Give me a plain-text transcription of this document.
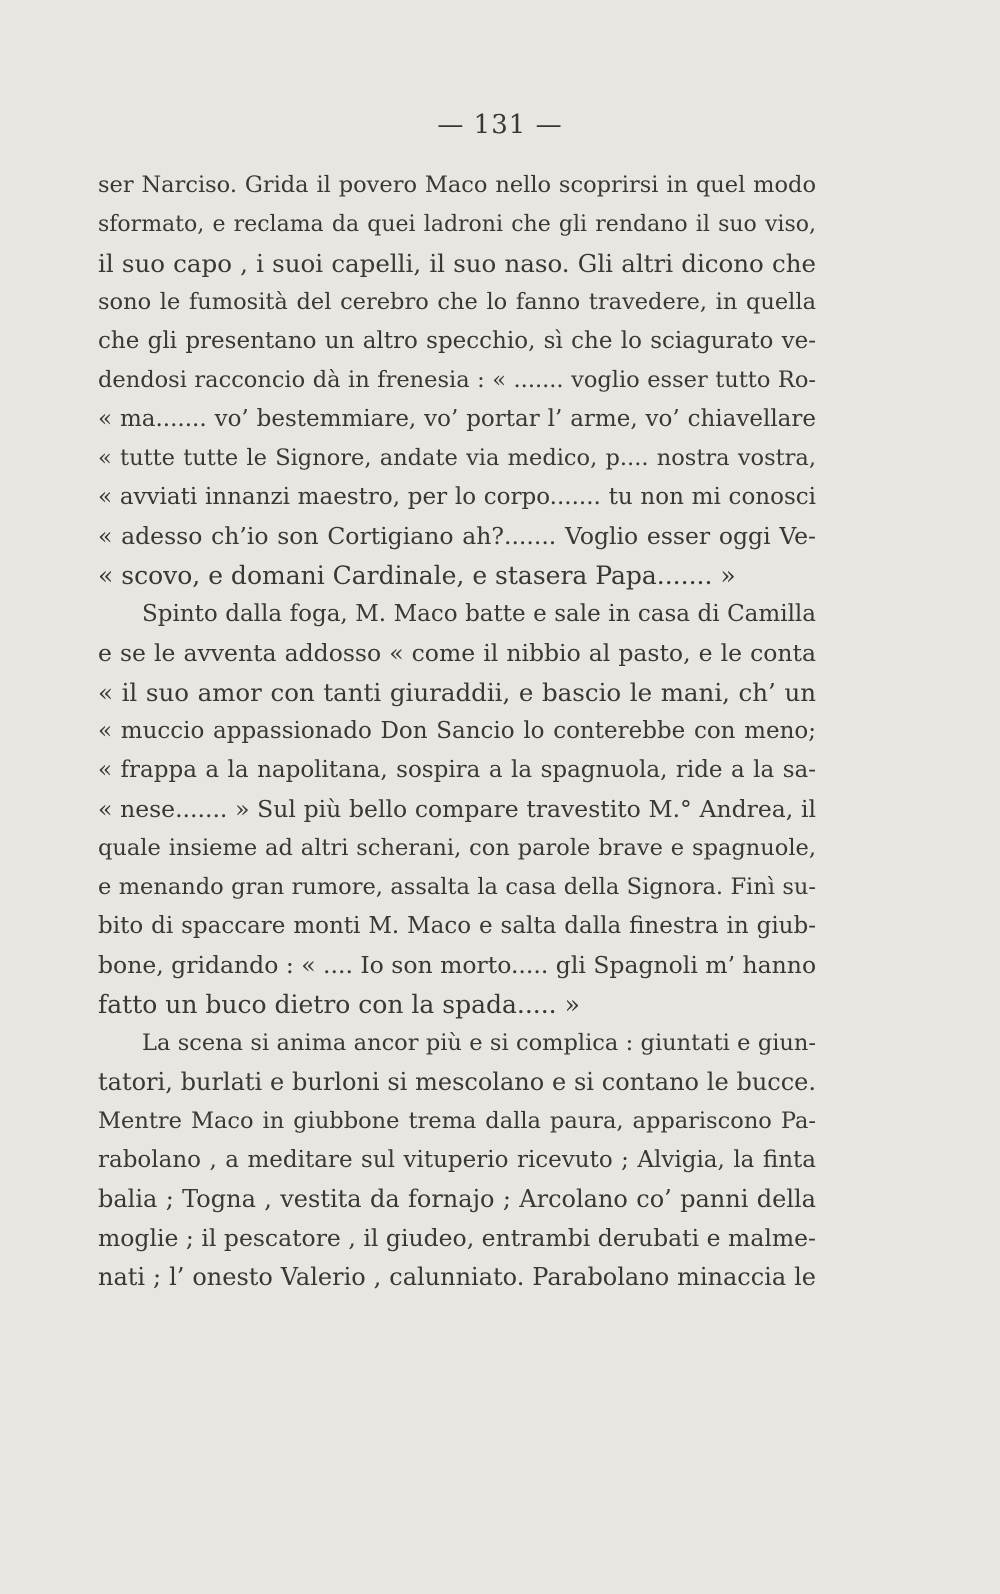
— 131 —
ser Narciso. Grida il povero Maco nello scoprirsi in quel modo
sformato, e reclama da quei ladroni che gli rendano il suo viso,
il suo capo , i suoi capelli, il suo naso. Gli altri dicono che
sono le fumosità del cerebro che lo fanno travedere, in quella
che gli presentano un altro specchio, sì che lo sciagurato ve-
dendosi racconcio dà in frenesia : « ....... voglio esser tutto Ro-
« ma....... vo’ bestemmiare, vo’ portar l’ arme, vo’ chiavellare
« tutte tutte le Signore, andate via medico, p.... nostra vostra,
« avviati innanzi maestro, per lo corpo....... tu non mi conosci
« adesso ch’io son Cortigiano ah?....... Voglio esser oggi Ve-
« scovo, e domani Cardinale, e stasera Papa....... »
Spinto dalla foga, M. Maco batte e sale in casa di Camilla
e se le avventa addosso « come il nibbio al pasto, e le conta
« il suo amor con tanti giuraddii, e bascio le mani, ch’ un
« muccio appassionado Don Sancio lo conterebbe con meno;
« frappa a la napolitana, sospira a la spagnuola, ride a la sa-
« nese....... » Sul più bello compare travestito M.° Andrea, il
quale insieme ad altri scherani, con parole brave e spagnuole,
e menando gran rumore, assalta la casa della Signora. Finì su-
bito di spaccare monti M. Maco e salta dalla finestra in giub-
bone, gridando : « .... Io son morto..... gli Spagnoli m’ hanno
fatto un buco dietro con la spada..... »
La scena si anima ancor più e si complica : giuntati e giun-
tatori, burlati e burloni si mescolano e si contano le bucce.
Mentre Maco in giubbone trema dalla paura, appariscono Pa-
rabolano , a meditare sul vituperio ricevuto ; Alvigia, la finta
balia ; Togna , vestita da fornajo ; Arcolano co’ panni della
moglie ; il pescatore , il giudeo, entrambi derubati e malme-
nati ; l’ onesto Valerio , calunniato. Parabolano minaccia le
